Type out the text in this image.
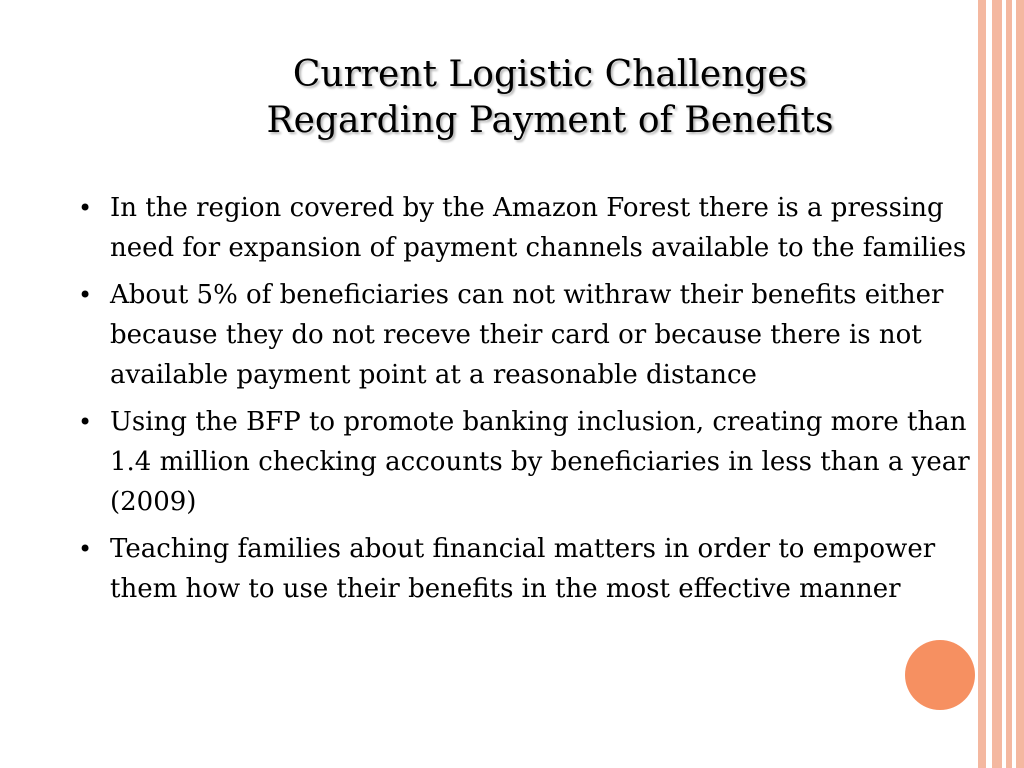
Current Logistic Challenges
Regarding Payment of Benefits
• In the region covered by the Amazon Forest there is a pressing need for expansion of payment channels available to the families
• About 5% of beneficiaries can not withraw their benefits either because they do not receve their card or because there is not available payment point at a reasonable distance
• Using the BFP to promote banking inclusion, creating more than 1.4 million checking accounts by beneficiaries in less than a year (2009)
• Teaching families about financial matters in order to empower them how to use their benefits in the most effective manner
